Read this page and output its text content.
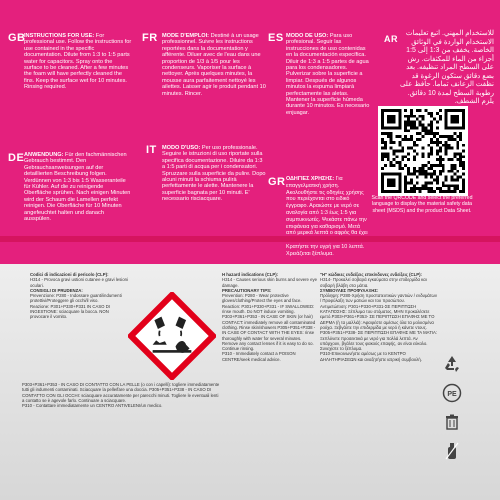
GB
INSTRUCTIONS FOR USE: For professional use. Follow the instructions for use contained in the specific documentation. Dilute from 1:3 to 1:5 parts water for capacitors. Spray onto the surface to be cleaned. After a few minutes the foam will have perfectly cleaned the fins. Keep the surface wet for 10 minutes. Rinsing required.
FR MODE D'EMPLOI: Destiné à un usage professionnel. Suivre les instructions reportées dans la documentation y afférente. Diluer avec de l'eau dans une proportion de 1/3 à 1/5 pour les condenseurs. Vaporiser la surface à nettoyer. Après quelques minutes, la mousse aura parfaitement nettoyé les ailettes. Laisser agir le produit pendant 10 minutes. Rincer.
ES MODO DE USO: Para uso profesional. Seguir las instrucciones de uso contenidas en la documentación específica. Diluir de 1:3 a 1:5 partes de agua para los condensadores. Pulverizar sobre la superficie a limpiar. Después de algunos minutos la espuma limpiará perfectamente las aletas. Mantener la superficie húmeda durante 10 minutos. Es necesario enjuagar.
AR
للاستخدام المهني. اتبع تعليمات الاستخدام الواردة في الوثائق الخاصة. يخفف من 1:3 إلى 1:5 أجزاء من الماء للمكثفات. رش على السطح المراد تنظيفه. بعد بضع دقائق ستكون الرغوة قد نظفت الزعانف تماما. حافظ على رطوبة السطح لمدة 10 دقائق. يلزم الشطف.
DE ANWENDUNG: Für den fachmännischen Gebrauch bestimmt. Den Gebrauchsanweisungen auf der detaillierten Beschreibung folgen. Verdünnen von 1:3 bis 1:5 Wasseranteile für Kühler. Auf die zu reinigende Oberfläche sprühen. Nach einigen Minuten wird der Schaum die Lamellen perfekt reinigen. Die Oberfläche für 10 Minuten angefeuchtet halten und danach ausspülen.
IT MODO D'USO: Per uso professionale. Seguire le istruzioni di uso riportate sulla specifica documentazione. Diluire da 1:3 a 1:5 parti di acqua per i condensatori. Spruzzare sulla superficie da pulire. Dopo alcuni minuti la schiuma pulirà perfettamente le alette. Mantenere la superficie bagnata per 10 minuti. E' necessario risciacquare.
GR ΟΔΗΓΙΕΣ ΧΡΗΣΗΣ: Για επαγγελματική χρήση. Ακολουθήστε τις οδηγίες χρήσης που περιέχονται στο ειδικό έγγραφο. Αραιώστε με νερό σε αναλογία από 1:3 έως 1:5 για συμπυκνωτές. Ψεκάστε πάνω την επιφάνεια για καθαρισμό. Μετά από μερικά λεπτά ο αφρός θα έχει Κρατήστε την υγρή για 10 λεπτά. Χρειάζεται ξέπλυμα.
Scan the QRCODE and select the preferred language to display the material safety data sheet (MSDS) and the product Data Sheet.
Codici di indicazioni di pericolo (CLP):
H314 - Provoca gravi ustioni cutanee e gravi lesioni oculari.
CONSIGLI DI PRUDENZA:
Prevenzione: P280 - Indossare guanti/indumenti protettivi/Proteggere gli occhi/il viso.
Reazione: P301+P330+P331 IN CASO DI INGESTIONE: sciacquare la bocca. NON provocare il vomito.
P303+P361+P353 - IN CASO DI CONTATTO CON LA PELLE (o con i capelli): togliere immediatamente tutti gli indumenti contaminati. Sciacquare la pelle/fare una doccia. P305+P351+P338 - IN CASO DI CONTATTO CON GLI OCCHI: sciacquare accuratamente per parecchi minuti. Togliere le eventuali lenti a contatto se è agevole farlo. Continuare a sciacquare.
P310 - Contattare immediatamente un CENTRO ANTIVELENI/un medico.
H hazard indications (CLP):
H314 - Causes serious skin burns and severe eye damage.
PRECAUTIONARY TIPS:
Prevention: P280 - Wear protective gloves/clothing/Protect the eyes and face.
Reaction: P301+P330+P331 - IF SWALLOWED: rinse mouth. Do NOT induce vomiting. P303+P361+P353 - IN CASE OF SKIN (or hair) CONTACT: immediately remove all contaminated clothing. Rinse skin/showers P305+P351+P338 - IN CASE OF CONTACT WITH THE EYES: rinse thoroughly with water for several minutes. Remove any contact lenses if it is easy to do so. Continue rinsing.
P310 - Immediately contact a POISON CENTRE/seek medical advice.
"H" κώδικες ενδείξεις επικίνδυνες ενδείξεις (CLP):
H314- Προκαλεί σοβαρά εγκαύματα στην επιδερμίδα και σοβαρή βλάβη στα μάτια.
ΣΥΜΒΟΥΛΕΣ ΠΡΟΦΥΛΑΞΗΣ:
Πρόληψη: P280-Χρήση προστατευτικών γαντιών / ενδυμάτων / Προφύλαξη των ματιών και του προσώπου.
Αντιμετώπιση: P301+P330+P331-ΣΕ ΠΕΡΙΠΤΩΣΗ ΚΑΤΑΠΟΣΗΣ: Ξέπλυμα του στόματος. ΜΗΝ προκαλέσετε εμετό.P303+P361+P353- ΣΕ ΠΕΡΙΠΤΩΣΗ ΕΠΑΦΗΣ ΜΕ ΤΟ ΔΕΡΜΑ (ή τα μαλλιά): Αφαιρέστε αμέσως όλα τα μολυσμένα ρούχα. Ξεβγάλτε την επιδερμίδα με νερό ή κάνετε ντους. P305+P351+P338- ΣΕ ΠΕΡΙΠΤΩΣΗ ΕΠΑΦΗΣ ΜΕ ΤΑ ΜΑΤΙΑ: Ξεπλύνετε προσεκτικά με νερό για πολλά λεπτά. Αν υπάρχουν, βγάλτε τους φακούς επαφής, αν είναι εύκολο. Συνεχίστε το ξέπλυμα.
P310-Επικοινωνήστε αμέσως με το ΚΕΝΤΡΟ ΔΗΛΗΤΗΡΙΑΣΕΩΝ και αναζητήστε ιατρική συμβουλή.

PE
